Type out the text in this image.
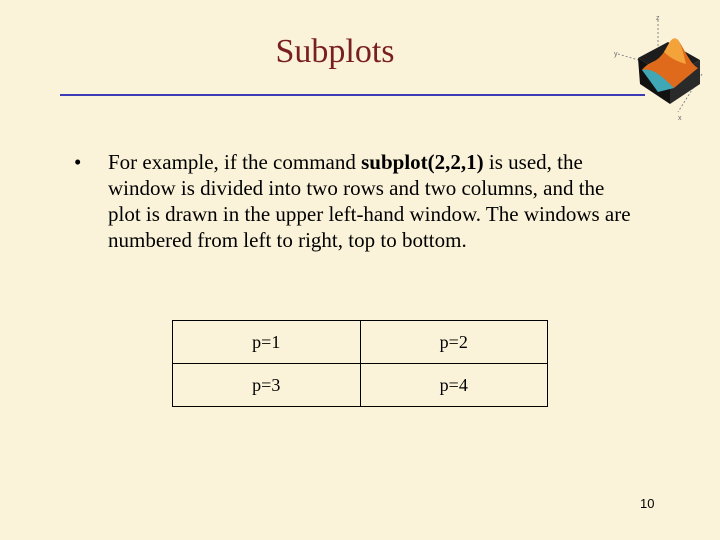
Subplots
z
y
x
• For example, if the command subplot(2,2,1) is used, the window is divided into two rows and two columns, and the plot is drawn in the upper left-hand window. The windows are numbered from left to right, top to bottom.
p=1	p=2
p=3	p=4
10
